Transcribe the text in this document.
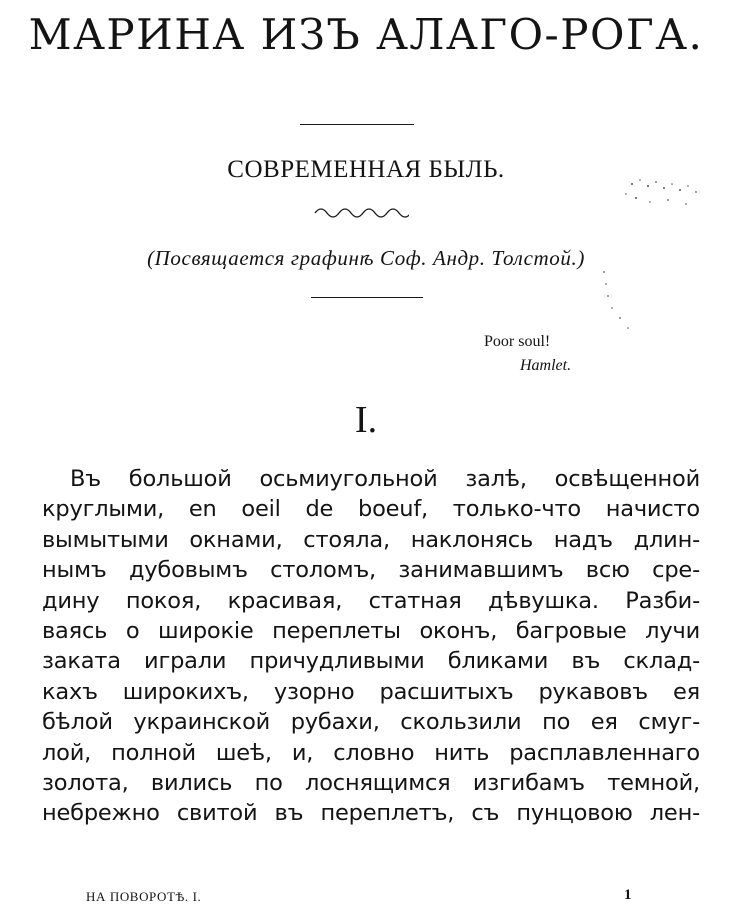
МАРИНА ИЗЪ АЛАГО-РОГА.
СОВРЕМЕННАЯ БЫЛЬ.
(Посвящается графинѣ Соф. Андр. Толстой.)
Poor soul!
Hamlet.
I.
Въ большой осьмиугольной залѣ, освѣщенной
круглыми, en oeil de boeuf, только-что начисто
вымытыми окнами, стояла, наклонясь надъ длин-
нымъ дубовымъ столомъ, занимавшимъ всю сре-
дину покоя, красивая, статная дѣвушка. Разби-
ваясь о широкiе переплеты оконъ, багровые лучи
заката играли причудливыми бликами въ склад-
кахъ широкихъ, узорно расшитыхъ рукавовъ ея
бѣлой украинской рубахи, скользили по ея смуг-
лой, полной шеѣ, и, словно нить расплавленнаго
золота, вились по лоснящимся изгибамъ темной,
небрежно свитой въ переплетъ, съ пунцовою лен-
НА ПОВОРОТѢ. I.	1
